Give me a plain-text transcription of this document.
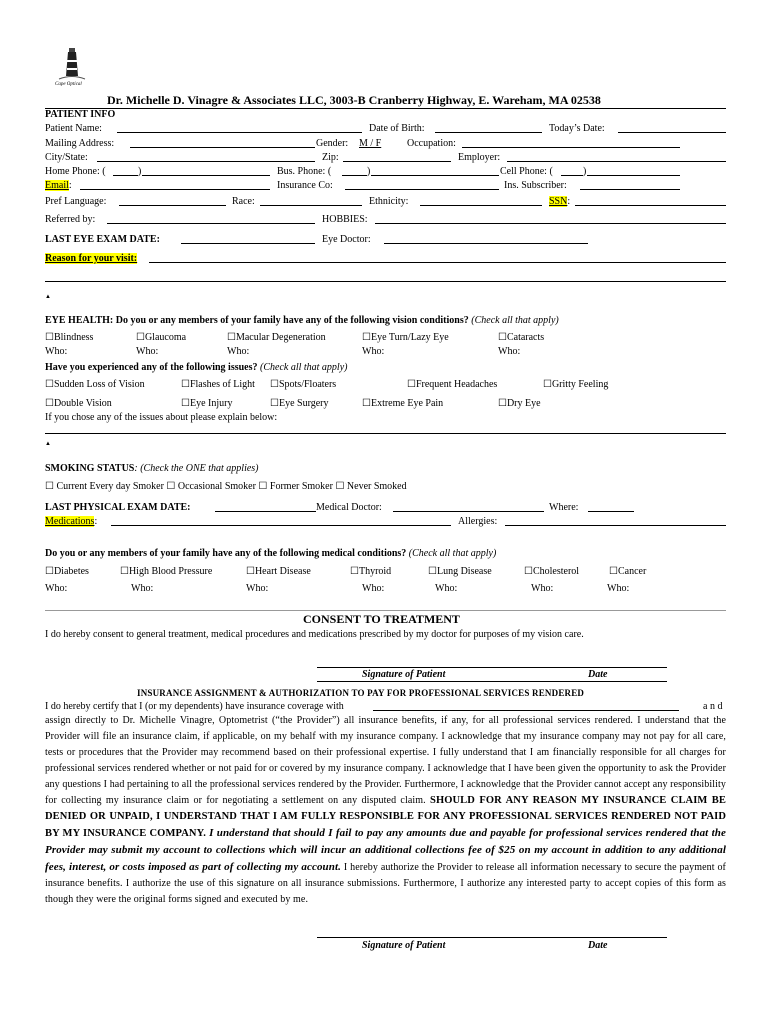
Cape Optical
Dr. Michelle D. Vinagre & Associates LLC, 3003-B Cranberry Highway, E. Wareham, MA 02538
PATIENT INFO
Patient Name:	Date of Birth:	Today’s Date:
Mailing Address:	Gender: M / F	Occupation:
City/State:	Zip:	Employer:
Home Phone: (	)	Bus. Phone: (	)	Cell Phone: (	)
Email:	Insurance Co:	Ins. Subscriber:
Pref Language:	Race:	Ethnicity:	SSN:
Referred by:	HOBBIES:
LAST EYE EXAM DATE:	Eye Doctor:
Reason for your visit:
▲
EYE HEALTH: Do you or any members of your family have any of the following vision conditions? (Check all that apply)
☐Blindness	☐Glaucoma	☐Macular Degeneration	☐Eye Turn/Lazy Eye	☐Cataracts
Who:	Who:	Who:	Who:	Who:
Have you experienced any of the following issues? (Check all that apply)
☐Sudden Loss of Vision	☐Flashes of Light ☐Spots/Floaters	☐Frequent Headaches	☐Gritty Feeling
☐Double Vision	☐Eye Injury	☐Eye Surgery	☐Extreme Eye Pain	☐Dry Eye
If you chose any of the issues about please explain below:
▲
SMOKING STATUS: (Check the ONE that applies)
☐ Current Every day Smoker ☐ Occasional Smoker ☐ Former Smoker ☐ Never Smoked
LAST PHYSICAL EXAM DATE:	Medical Doctor:	Where:
Medications:	Allergies:
Do you or any members of your family have any of the following medical conditions? (Check all that apply)
☐Diabetes	☐High Blood Pressure	☐Heart Disease	☐Thyroid	☐Lung Disease	☐Cholesterol	☐Cancer
Who:	Who:	Who:	Who:	Who:	Who:	Who:
CONSENT TO TREATMENT
I do hereby consent to general treatment, medical procedures and medications prescribed by my doctor for purposes of my vision care.
Signature of Patient	Date
INSURANCE ASSIGNMENT & AUTHORIZATION TO PAY FOR PROFESSIONAL SERVICES RENDERED
I do hereby certify that I (or my dependents) have insurance coverage with	a n d
assign directly to Dr. Michelle Vinagre, Optometrist (“the Provider”) all insurance benefits, if any, for all professional services rendered. I understand that the Provider will file an insurance claim, if applicable, on my behalf with my insurance company. I acknowledge that my insurance company may not pay for all care, tests or procedures that the Provider may recommend based on their professional expertise. I fully understand that I am financially responsible for all charges for professional services rendered whether or not paid for or covered by my insurance company. I acknowledge that I have been given the opportunity to ask the Provider any questions I had pertaining to all the professional services rendered by the Provider. Furthermore, I acknowledge that the Provider cannot accept any responsibility for collecting my insurance claim or for negotiating a settlement on any disputed claim. SHOULD FOR ANY REASON MY INSURANCE CLAIM BE DENIED OR UNPAID, I UNDERSTAND THAT I AM FULLY RESPONSIBLE FOR ANY PROFESSIONAL SERVICES RENDERED NOT PAID BY MY INSURANCE COMPANY. I understand that should I fail to pay any amounts due and payable for professional services rendered that the Provider may submit my account to collections which will incur an additional collections fee of $25 on my account in addition to any additional fees, interest, or costs imposed as part of collecting my account. I hereby authorize the Provider to release all information necessary to secure the payment of insurance benefits. I authorize the use of this signature on all insurance submissions. Furthermore, I authorize any interested party to accept copies of this form as though they were the original forms signed and executed by me.
Signature of Patient	Date
